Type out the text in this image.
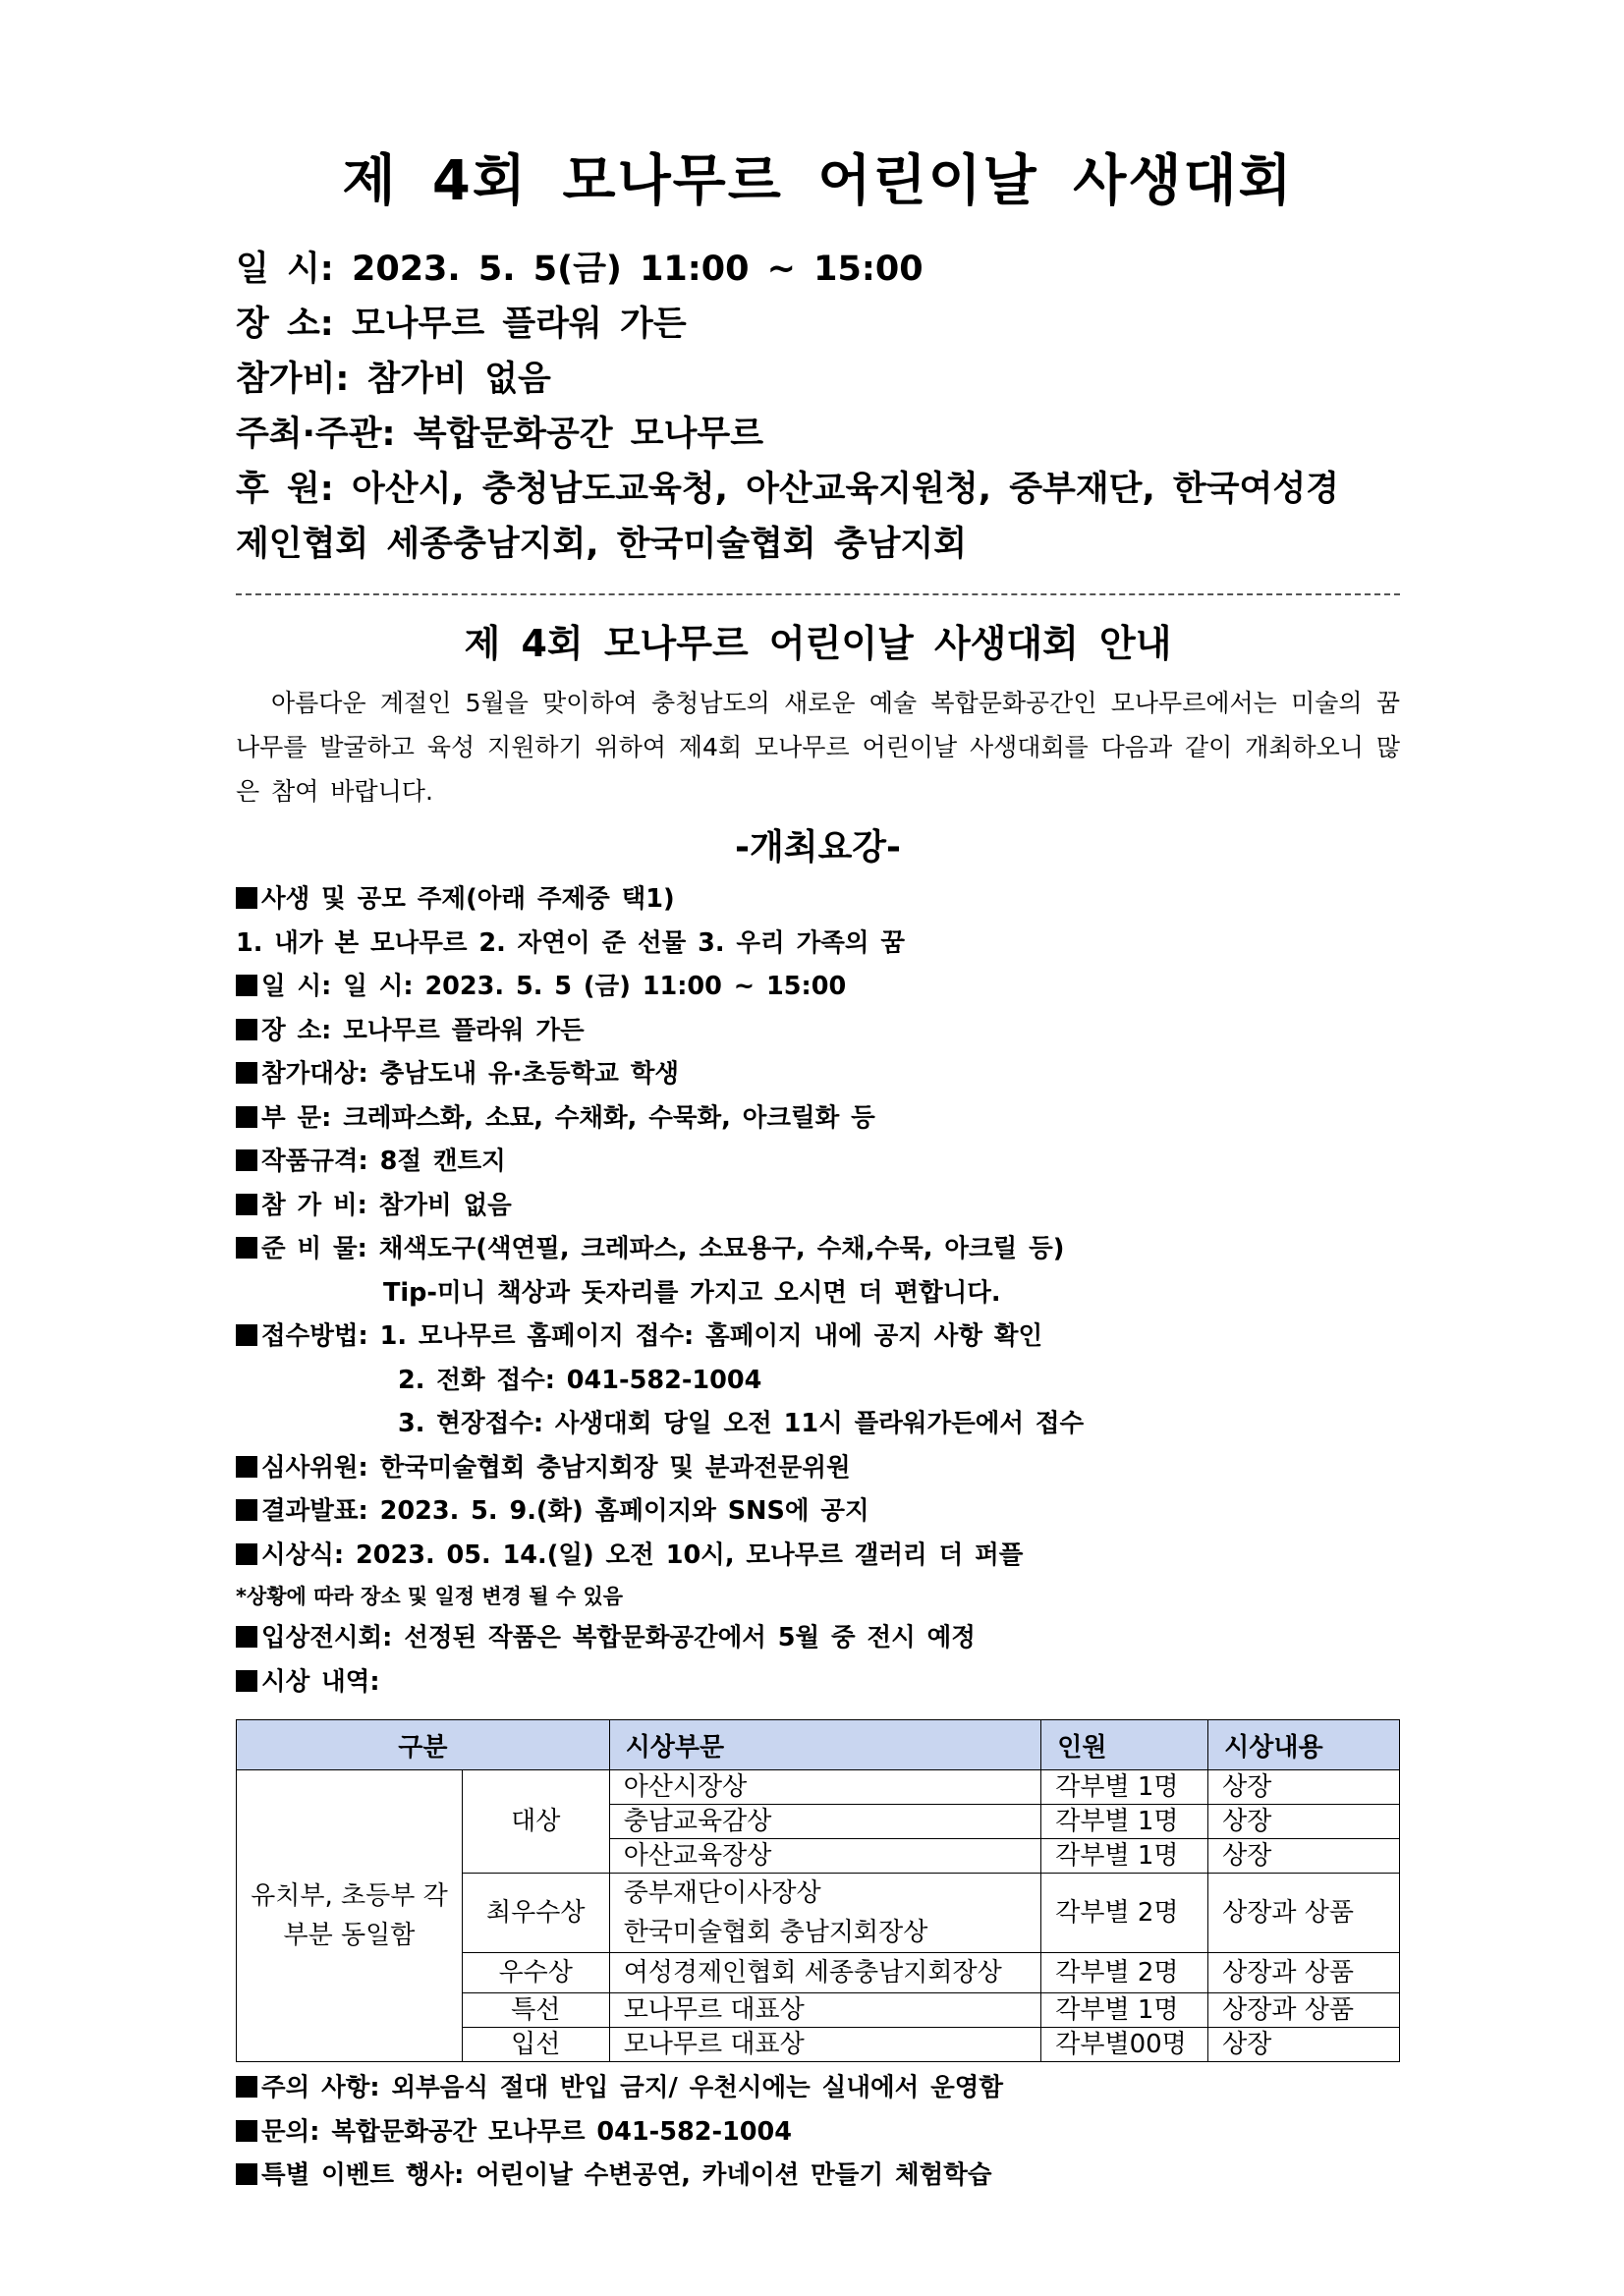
제 4회 모나무르 어린이날 사생대회
일 시: 2023. 5. 5(금) 11:00 ~ 15:00
장 소: 모나무르 플라워 가든
참가비: 참가비 없음
주최·주관: 복합문화공간 모나무르
후 원: 아산시, 충청남도교육청, 아산교육지원청, 중부재단, 한국여성경
제인협회 세종충남지회, 한국미술협회 충남지회
제 4회 모나무르 어린이날 사생대회 안내

아름다운 계절인 5월을 맞이하여 충청남도의 새로운 예술 복합문화공간인 모나무르에서는 미술의 꿈나무를 발굴하고 육성 지원하기 위하여 제4회 모나무르 어린이날 사생대회를 다음과 같이 개최하오니 많은 참여 바랍니다.

-개최요강-
사생 및 공모 주제(아래 주제중 택1)
1. 내가 본 모나무르 2. 자연이 준 선물 3. 우리 가족의 꿈
일 시: 일 시: 2023. 5. 5 (금) 11:00 ~ 15:00
장 소: 모나무르 플라워 가든
참가대상: 충남도내 유·초등학교 학생
부 문: 크레파스화, 소묘, 수채화, 수묵화, 아크릴화 등
작품규격: 8절 캔트지
참 가 비: 참가비 없음
준 비 물: 채색도구(색연필, 크레파스, 소묘용구, 수채,수묵, 아크릴 등)
Tip-미니 책상과 돗자리를 가지고 오시면 더 편합니다.
접수방법: 1. 모나무르 홈페이지 접수: 홈페이지 내에 공지 사항 확인
2. 전화 접수: 041-582-1004
3. 현장접수: 사생대회 당일 오전 11시 플라워가든에서 접수
심사위원: 한국미술협회 충남지회장 및 분과전문위원
결과발표: 2023. 5. 9.(화) 홈페이지와 SNS에 공지
시상식: 2023. 05. 14.(일) 오전 10시, 모나무르 갤러리 더 퍼플
*상황에 따라 장소 및 일정 변경 될 수 있음
입상전시회: 선정된 작품은 복합문화공간에서 5월 중 전시 예정
시상 내역:
구분		시상부문	인원	시상내용
유치부, 초등부 각부분 동일함	대상	아산시장상	각부별 1명	상장
		충남교육감상	각부별 1명	상장
		아산교육장상	각부별 1명	상장
	최우수상	중부재단이사장상
한국미술협회 충남지회장상	각부별 2명	상장과 상품
	우수상	여성경제인협회 세종충남지회장상	각부별 2명	상장과 상품
	특선	모나무르 대표상	각부별 1명	상장과 상품
	입선	모나무르 대표상	각부별00명	상장
주의 사항: 외부음식 절대 반입 금지/ 우천시에는 실내에서 운영함
문의: 복합문화공간 모나무르 041-582-1004
특별 이벤트 행사: 어린이날 수변공연, 카네이션 만들기 체험학습
